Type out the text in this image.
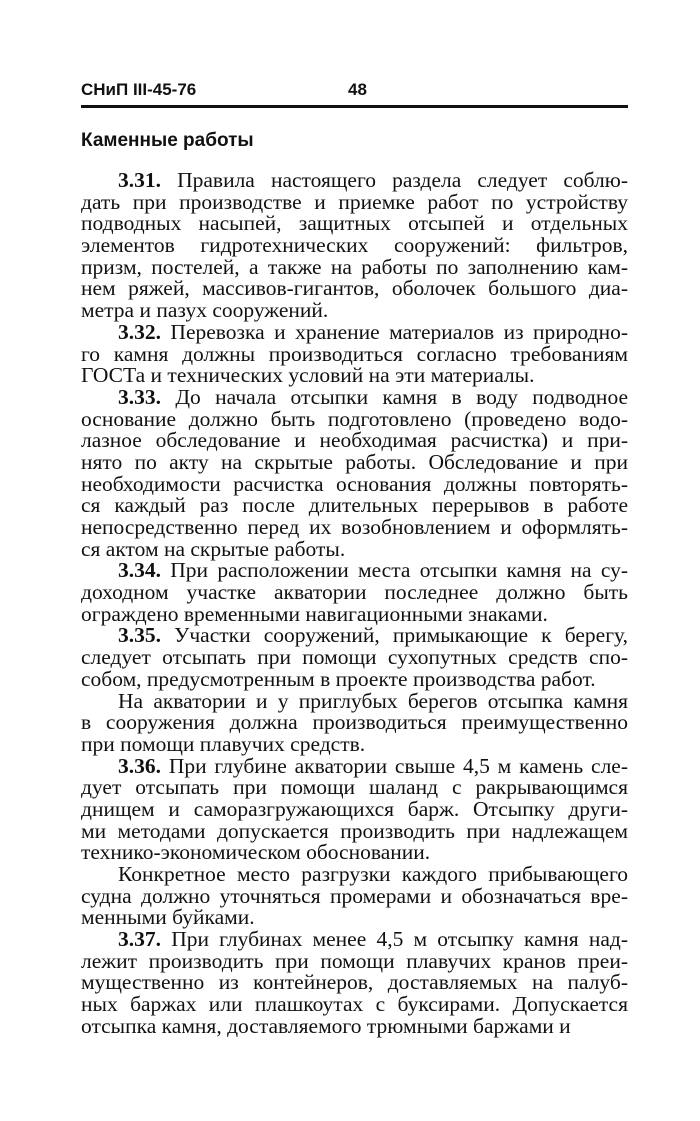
СНиП III-45-76	48
Каменные работы
3.31. Правила настоящего раздела следует соблю-
дать при производстве и приемке работ по устройству
подводных насыпей, защитных отсыпей и отдельных
элементов гидротехнических сооружений: фильтров,
призм, постелей, а также на работы по заполнению кам-
нем ряжей, массивов-гигантов, оболочек большого диа-
метра и пазух сооружений.
3.32. Перевозка и хранение материалов из природно-
го камня должны производиться согласно требованиям
ГОСТа и технических условий на эти материалы.
3.33. До начала отсыпки камня в воду подводное
основание должно быть подготовлено (проведено водо-
лазное обследование и необходимая расчистка) и при-
нято по акту на скрытые работы. Обследование и при
необходимости расчистка основания должны повторять-
ся каждый раз после длительных перерывов в работе
непосредственно перед их возобновлением и оформлять-
ся актом на скрытые работы.
3.34. При расположении места отсыпки камня на су-
доходном участке акватории последнее должно быть
ограждено временными навигационными знаками.
3.35. Участки сооружений, примыкающие к берегу,
следует отсыпать при помощи сухопутных средств спо-
собом, предусмотренным в проекте производства работ.
На акватории и у приглубых берегов отсыпка камня
в сооружения должна производиться преимущественно
при помощи плавучих средств.
3.36. При глубине акватории свыше 4,5 м камень сле-
дует отсыпать при помощи шаланд с ракрывающимся
днищем и саморазгружающихся барж. Отсыпку други-
ми методами допускается производить при надлежащем
технико-экономическом обосновании.
Конкретное место разгрузки каждого прибывающего
судна должно уточняться промерами и обозначаться вре-
менными буйками.
3.37. При глубинах менее 4,5 м отсыпку камня над-
лежит производить при помощи плавучих кранов преи-
мущественно из контейнеров, доставляемых на палуб-
ных баржах или плашкоутах с буксирами. Допускается
отсыпка камня, доставляемого трюмными баржами и
